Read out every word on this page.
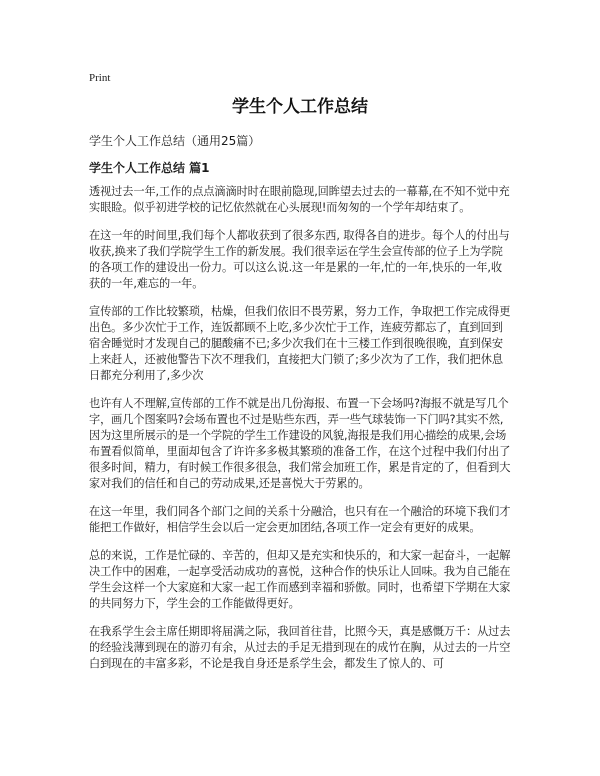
Print
学生个人工作总结
学生个人工作总结（通用25篇）
学生个人工作总结 篇1

透视过去一年,工作的点点滴滴时时在眼前隐现,回眸望去过去的一幕幕,在不知不觉中充实眼睑。似乎初进学校的记忆依然就在心头展现!而匆匆的一个学年却结束了。

在这一年的时间里,我们每个人都收获到了很多东西, 取得各自的进步。每个人的付出与收获,换来了我们学院学生工作的新发展。我们很幸运在学生会宣传部的位子上为学院的各项工作的建设出一份力。可以这么说.这一年是累的一年,忙的一年,快乐的一年,收获的一年,难忘的一年。

宣传部的工作比较繁琐，枯燥，但我们依旧不畏劳累，努力工作，争取把工作完成得更出色。多少次忙于工作，连饭都顾不上吃,多少次忙于工作，连疲劳都忘了，直到回到宿舍睡觉时才发现自己的腿酸痛不已;多少次我们在十三楼工作到很晚很晚，直到保安上来赶人，还被他警告下次不理我们，直接把大门锁了;多少次为了工作，我们把休息日都充分利用了,多少次

也许有人不理解,宣传部的工作不就是出几份海报、布置一下会场吗?海报不就是写几个字，画几个图案吗?会场布置也不过是贴些东西，弄一些气球装饰一下门吗?其实不然,因为这里所展示的是一个学院的学生工作建设的风貌,海报是我们用心描绘的成果,会场布置看似简单，里面却包含了许许多多极其繁琐的准备工作，在这个过程中我们付出了很多时间，精力，有时候工作很多很急，我们常会加班工作，累是肯定的了，但看到大家对我们的信任和自己的劳动成果,还是喜悦大于劳累的。

在这一年里，我们同各个部门之间的关系十分融洽，也只有在一个融洽的环境下我们才能把工作做好，相信学生会以后一定会更加团结,各项工作一定会有更好的成果。

总的来说，工作是忙碌的、辛苦的，但却又是充实和快乐的，和大家一起奋斗，一起解决工作中的困难，一起享受活动成功的喜悦，这种合作的快乐让人回味。我为自己能在学生会这样一个大家庭和大家一起工作而感到幸福和骄傲。同时，也希望下学期在大家的共同努力下，学生会的工作能做得更好。

在我系学生会主席任期即将届满之际，我回首往昔，比照今天，真是感慨万千：从过去的经验浅薄到现在的游刃有余，从过去的手足无措到现在的成竹在胸，从过去的一片空白到现在的丰富多彩，不论是我自身还是系学生会，都发生了惊人的、可
